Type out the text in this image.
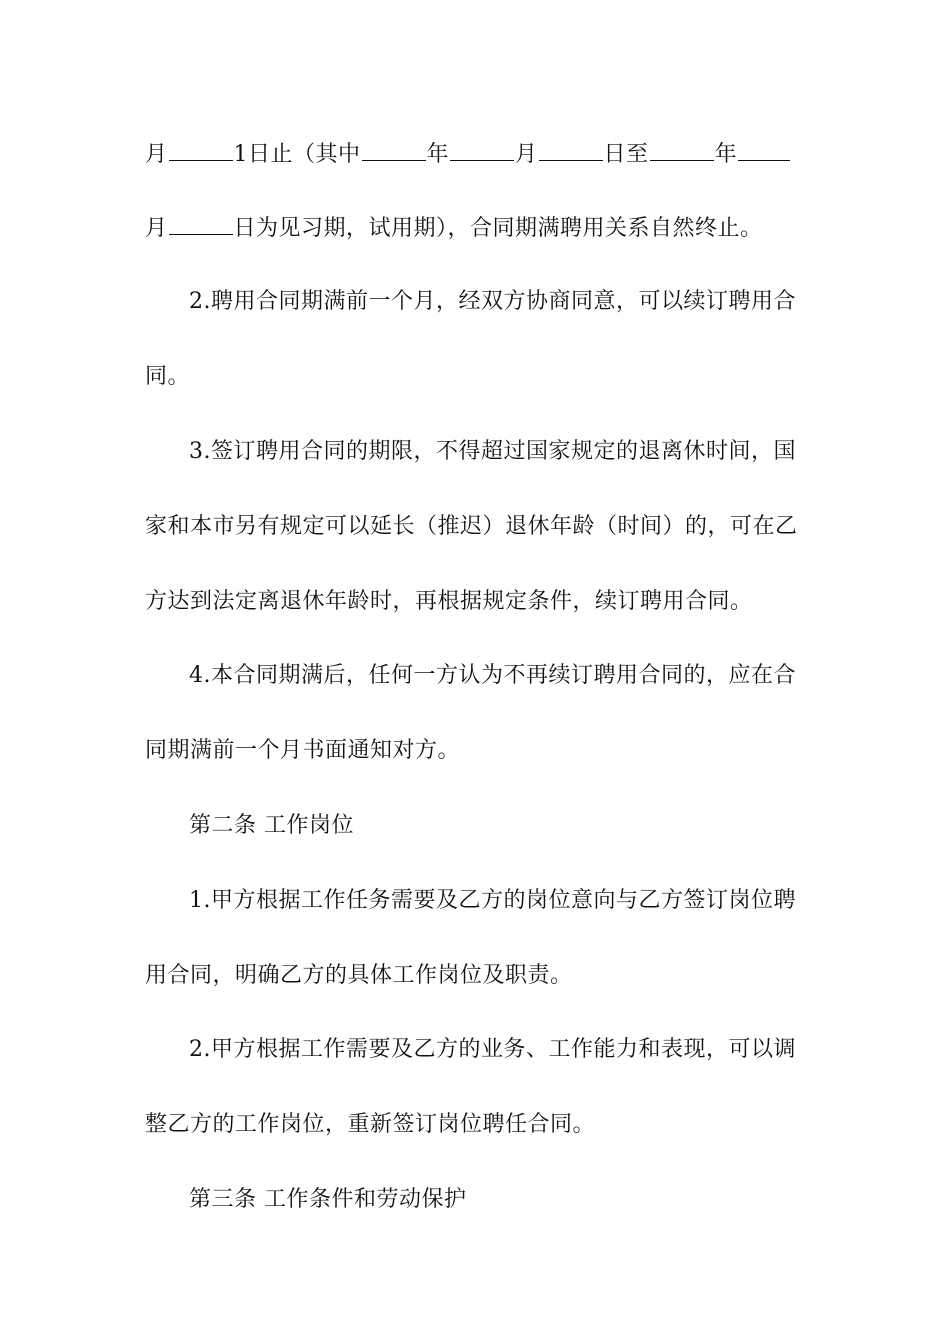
月	1日止（其中	年	月	日至	年
月	日为见习期，试用期），合同期满聘用关系自然终止。
2.聘用合同期满前一个月，经双方协商同意，可以续订聘用合
同。
3.签订聘用合同的期限，不得超过国家规定的退离休时间，国
家和本市另有规定可以延长（推迟）退休年龄（时间）的，可在乙
方达到法定离退休年龄时，再根据规定条件，续订聘用合同。
4.本合同期满后，任何一方认为不再续订聘用合同的，应在合
同期满前一个月书面通知对方。
第二条 工作岗位
1.甲方根据工作任务需要及乙方的岗位意向与乙方签订岗位聘
用合同，明确乙方的具体工作岗位及职责。
2.甲方根据工作需要及乙方的业务、工作能力和表现，可以调
整乙方的工作岗位，重新签订岗位聘任合同。
第三条 工作条件和劳动保护
